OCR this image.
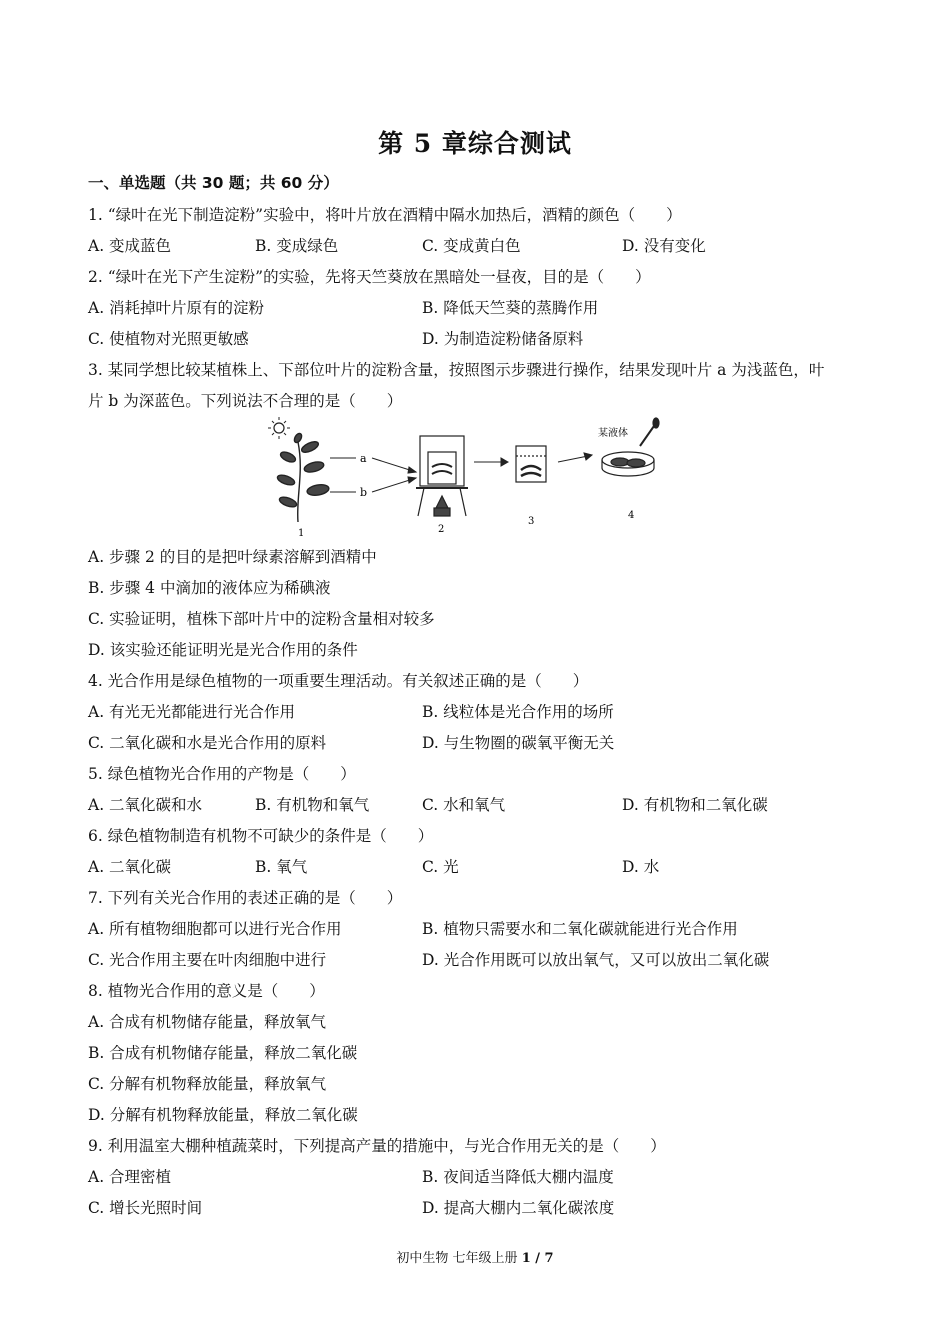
第 5 章综合测试
一、单选题（共 30 题；共 60 分）
1. “绿叶在光下制造淀粉”实验中，将叶片放在酒精中隔水加热后，酒精的颜色（　　）
A. 变成蓝色	B. 变成绿色	C. 变成黄白色	D. 没有变化
2. “绿叶在光下产生淀粉”的实验，先将天竺葵放在黑暗处一昼夜，目的是（　　）
A. 消耗掉叶片原有的淀粉	B. 降低天竺葵的蒸腾作用
C. 使植物对光照更敏感	D. 为制造淀粉储备原料
3. 某同学想比较某植株上、下部位叶片的淀粉含量，按照图示步骤进行操作，结果发现叶片 a 为浅蓝色，叶
片 b 为深蓝色。下列说法不合理的是（　　）
a
b
某液体
1	2
3
4
A. 步骤 2 的目的是把叶绿素溶解到酒精中
B. 步骤 4 中滴加的液体应为稀碘液
C. 实验证明，植株下部叶片中的淀粉含量相对较多
D. 该实验还能证明光是光合作用的条件
4. 光合作用是绿色植物的一项重要生理活动。有关叙述正确的是（　　）
A. 有光无光都能进行光合作用	B. 线粒体是光合作用的场所
C. 二氧化碳和水是光合作用的原料	D. 与生物圈的碳氧平衡无关
5. 绿色植物光合作用的产物是（　　）
A. 二氧化碳和水	B. 有机物和氧气	C. 水和氧气	D. 有机物和二氧化碳
6. 绿色植物制造有机物不可缺少的条件是（　　）
A. 二氧化碳	B. 氧气	C. 光	D. 水
7. 下列有关光合作用的表述正确的是（　　）
A. 所有植物细胞都可以进行光合作用	B. 植物只需要水和二氧化碳就能进行光合作用
C. 光合作用主要在叶肉细胞中进行	D. 光合作用既可以放出氧气，又可以放出二氧化碳
8. 植物光合作用的意义是（　　）
A. 合成有机物储存能量，释放氧气
B. 合成有机物储存能量，释放二氧化碳
C. 分解有机物释放能量，释放氧气
D. 分解有机物释放能量，释放二氧化碳
9. 利用温室大棚种植蔬菜时，下列提高产量的措施中，与光合作用无关的是（　　）
A. 合理密植	B. 夜间适当降低大棚内温度
C. 增长光照时间	D. 提高大棚内二氧化碳浓度
初中生物 七年级上册 1 / 7
